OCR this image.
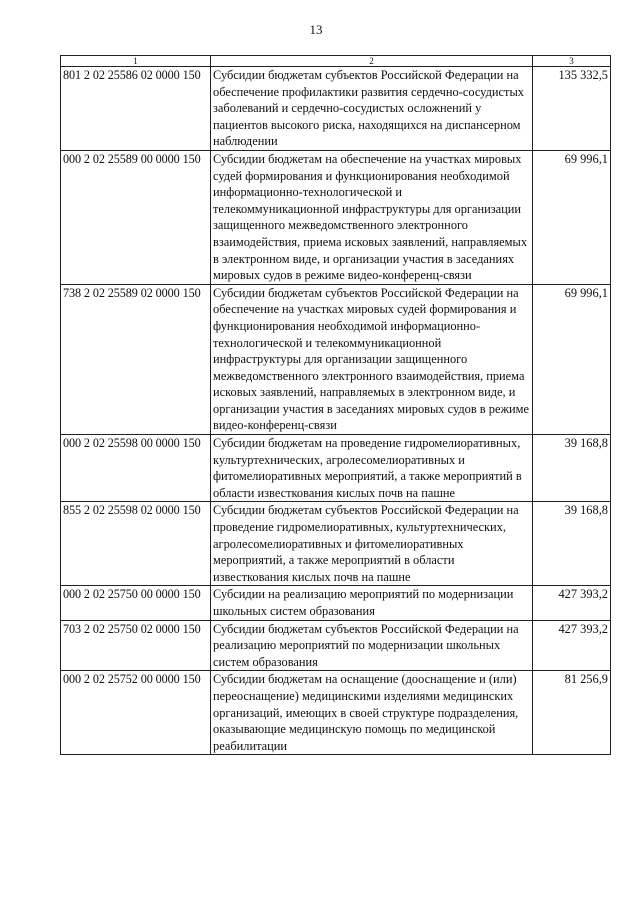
13
1	2	3
801 2 02 25586 02 0000 150	Субсидии бюджетам субъектов Российской Федерации на обеспечение профилактики развития сердечно-сосудистых заболеваний и сердечно-сосудистых осложнений у пациентов высокого риска, находящихся на диспансерном наблюдении	135 332,5
000 2 02 25589 00 0000 150	Субсидии бюджетам на обеспечение на участках мировых судей формирования и функционирования необходимой информационно-технологической и телекоммуникационной инфраструктуры для организации защищенного межведомственного электронного взаимодействия, приема исковых заявлений, направляемых в электронном виде, и организации участия в заседаниях мировых судов в режиме видео-конференц-связи	69 996,1
738 2 02 25589 02 0000 150	Субсидии бюджетам субъектов Российской Федерации на обеспечение на участках мировых судей формирования и функционирования необходимой информационно-технологической и телекоммуникационной инфраструктуры для организации защищенного межведомственного электронного взаимодействия, приема исковых заявлений, направляемых в электронном виде, и организации участия в заседаниях мировых судов в режиме видео-конференц-связи	69 996,1
000 2 02 25598 00 0000 150	Субсидии бюджетам на проведение гидромелиоративных, культуртехнических, агролесомелиоративных и фитомелиоративных мероприятий, а также мероприятий в области известкования кислых почв на пашне	39 168,8
855 2 02 25598 02 0000 150	Субсидии бюджетам субъектов Российской Федерации на проведение гидромелиоративных, культуртехнических, агролесомелиоративных и фитомелиоративных мероприятий, а также мероприятий в области известкования кислых почв на пашне	39 168,8
000 2 02 25750 00 0000 150	Субсидии на реализацию мероприятий по модернизации школьных систем образования	427 393,2
703 2 02 25750 02 0000 150	Субсидии бюджетам субъектов Российской Федерации на реализацию мероприятий по модернизации школьных систем образования	427 393,2
000 2 02 25752 00 0000 150	Субсидии бюджетам на оснащение (дооснащение и (или) переоснащение) медицинскими изделиями медицинских организаций, имеющих в своей структуре подразделения, оказывающие медицинскую помощь по медицинской реабилитации	81 256,9
